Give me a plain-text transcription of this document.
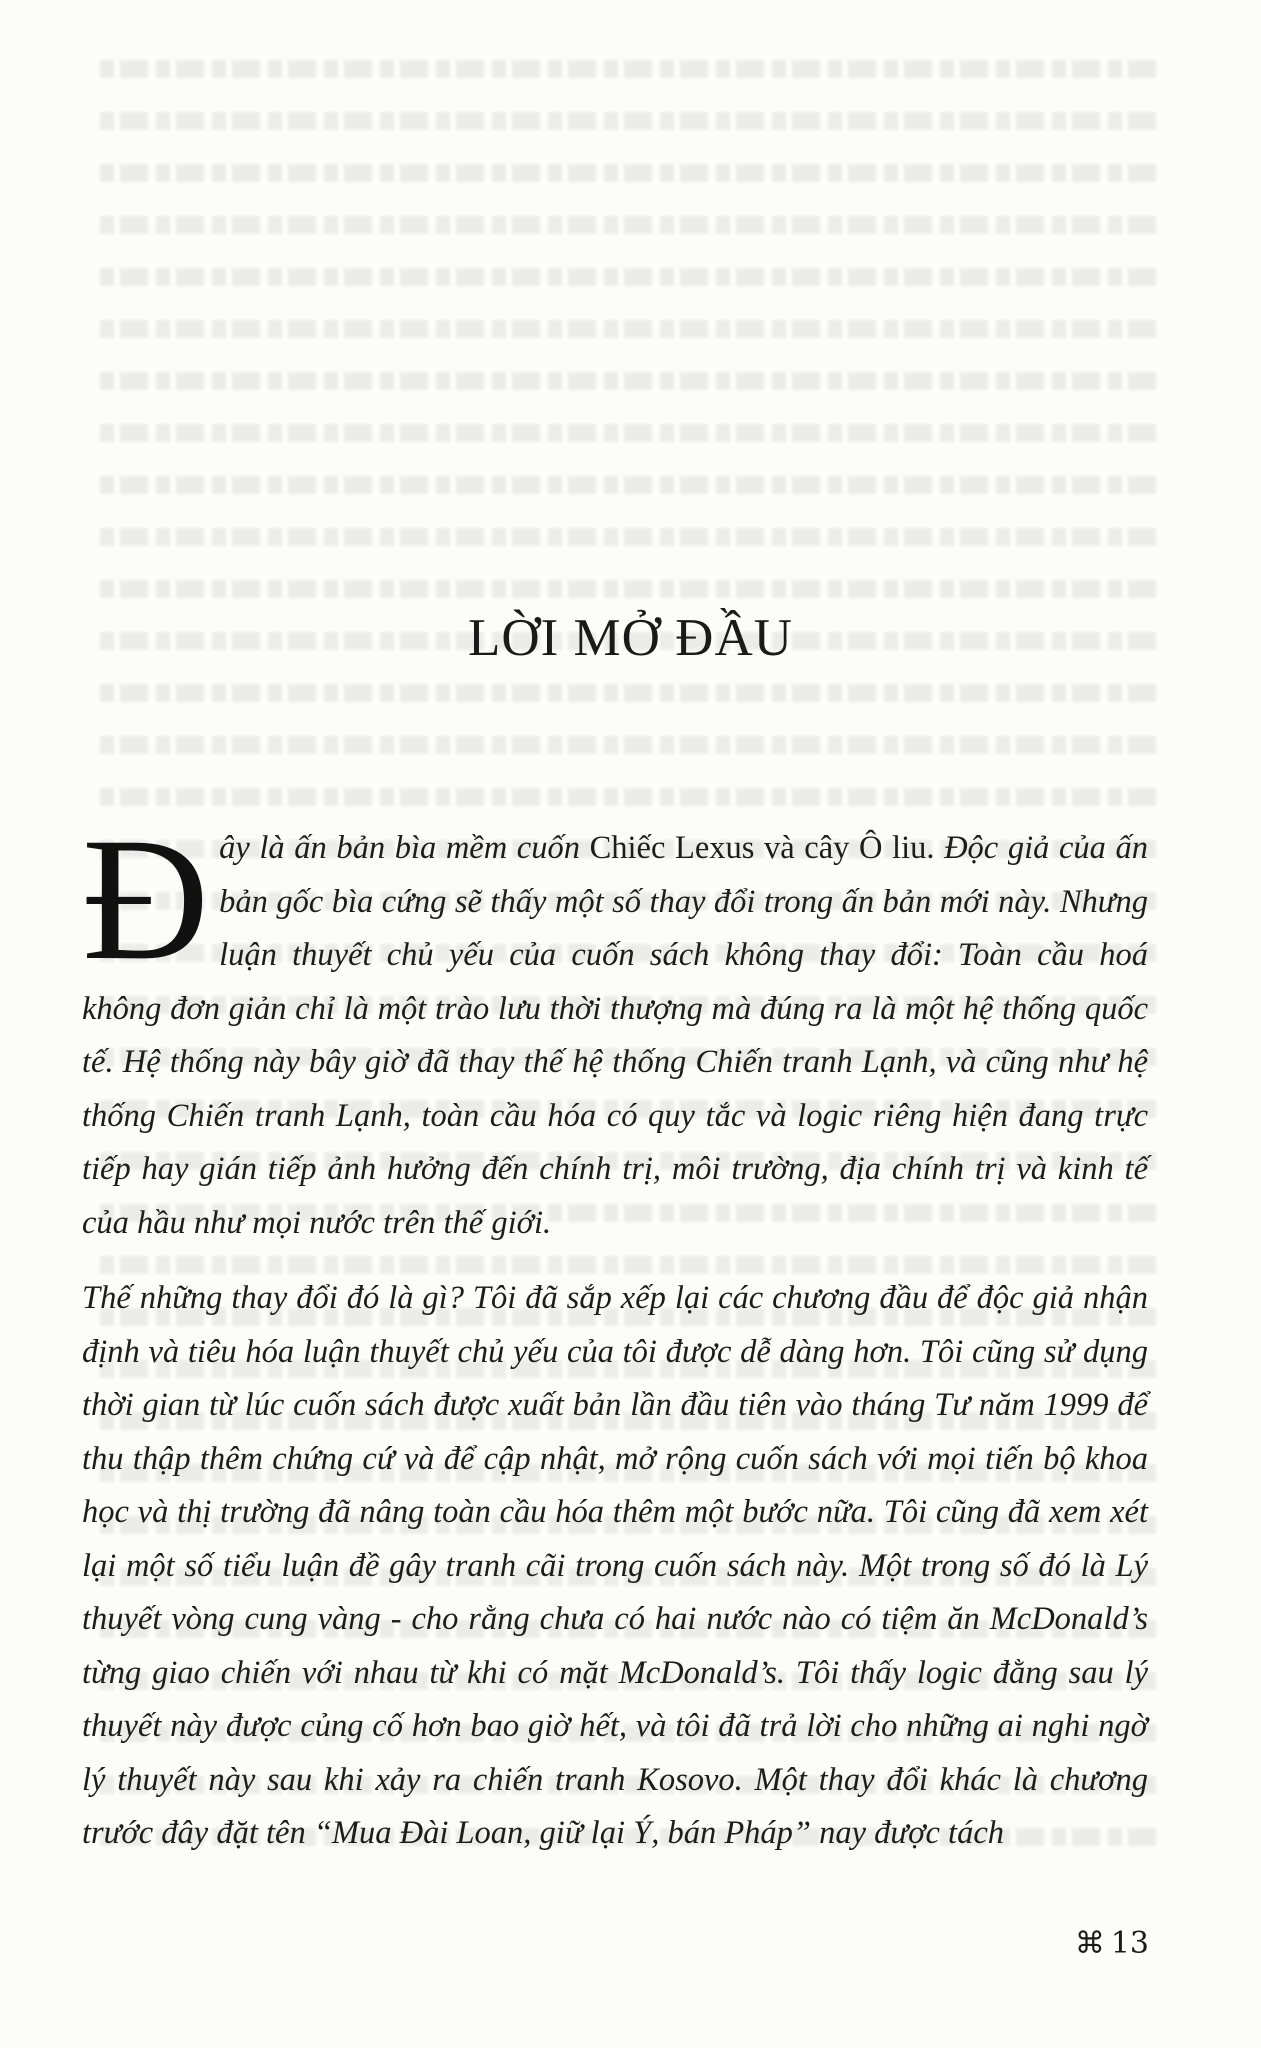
LỜI MỞ ĐẦU

Đây là ấn bản bìa mềm cuốn Chiếc Lexus và cây Ô liu. Độc giả của ấn bản gốc bìa cứng sẽ thấy một số thay đổi trong ấn bản mới này. Nhưng luận thuyết chủ yếu của cuốn sách không thay đổi: Toàn cầu hoá không đơn giản chỉ là một trào lưu thời thượng mà đúng ra là một hệ thống quốc tế. Hệ thống này bây giờ đã thay thế hệ thống Chiến tranh Lạnh, và cũng như hệ thống Chiến tranh Lạnh, toàn cầu hóa có quy tắc và logic riêng hiện đang trực tiếp hay gián tiếp ảnh hưởng đến chính trị, môi trường, địa chính trị và kinh tế của hầu như mọi nước trên thế giới.

Thế những thay đổi đó là gì? Tôi đã sắp xếp lại các chương đầu để độc giả nhận định và tiêu hóa luận thuyết chủ yếu của tôi được dễ dàng hơn. Tôi cũng sử dụng thời gian từ lúc cuốn sách được xuất bản lần đầu tiên vào tháng Tư năm 1999 để thu thập thêm chứng cứ và để cập nhật, mở rộng cuốn sách với mọi tiến bộ khoa học và thị trường đã nâng toàn cầu hóa thêm một bước nữa. Tôi cũng đã xem xét lại một số tiểu luận đề gây tranh cãi trong cuốn sách này. Một trong số đó là Lý thuyết vòng cung vàng - cho rằng chưa có hai nước nào có tiệm ăn McDonald’s từng giao chiến với nhau từ khi có mặt McDonald’s. Tôi thấy logic đằng sau lý thuyết này được củng cố hơn bao giờ hết, và tôi đã trả lời cho những ai nghi ngờ lý thuyết này sau khi xảy ra chiến tranh Kosovo. Một thay đổi khác là chương trước đây đặt tên “Mua Đài Loan, giữ lại Ý, bán Pháp” nay được tách

⌘ 13
